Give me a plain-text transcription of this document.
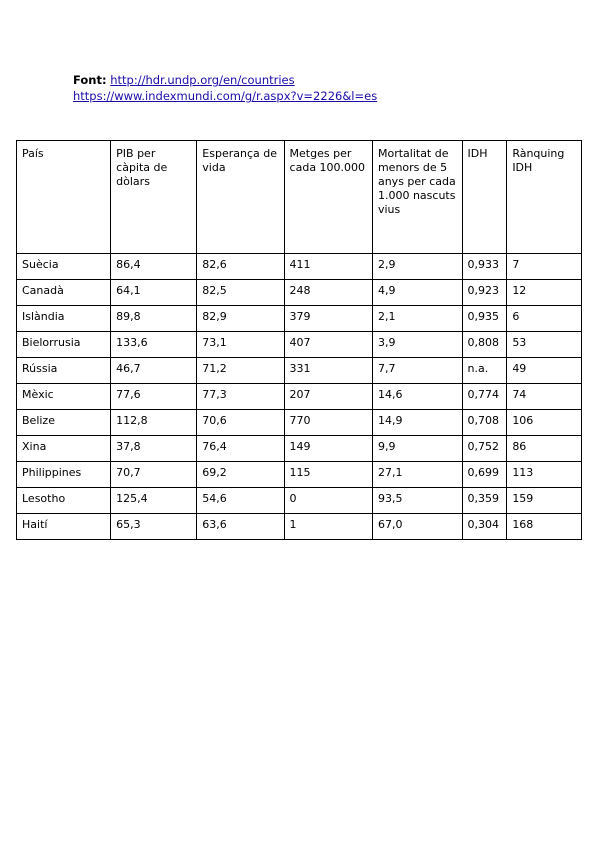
Font: http://hdr.undp.org/en/countries
https://www.indexmundi.com/g/r.aspx?v=2226&l=es
País	PIB per càpita de dòlars	Esperança de vida	Metges per cada 100.000	Mortalitat de menors de 5 anys per cada 1.000 nascuts vius	IDH	Rànquing IDH
Suècia	86,4	82,6	411	2,9	0,933	7
Canadà	64,1	82,5	248	4,9	0,923	12
Islàndia	89,8	82,9	379	2,1	0,935	6
Bielorrusia	133,6	73,1	407	3,9	0,808	53
Rússia	46,7	71,2	331	7,7	n.a.	49
Mèxic	77,6	77,3	207	14,6	0,774	74
Belize	112,8	70,6	770	14,9	0,708	106
Xina	37,8	76,4	149	9,9	0,752	86
Philippines	70,7	69,2	115	27,1	0,699	113
Lesotho	125,4	54,6	0	93,5	0,359	159
Haití	65,3	63,6	1	67,0	0,304	168
